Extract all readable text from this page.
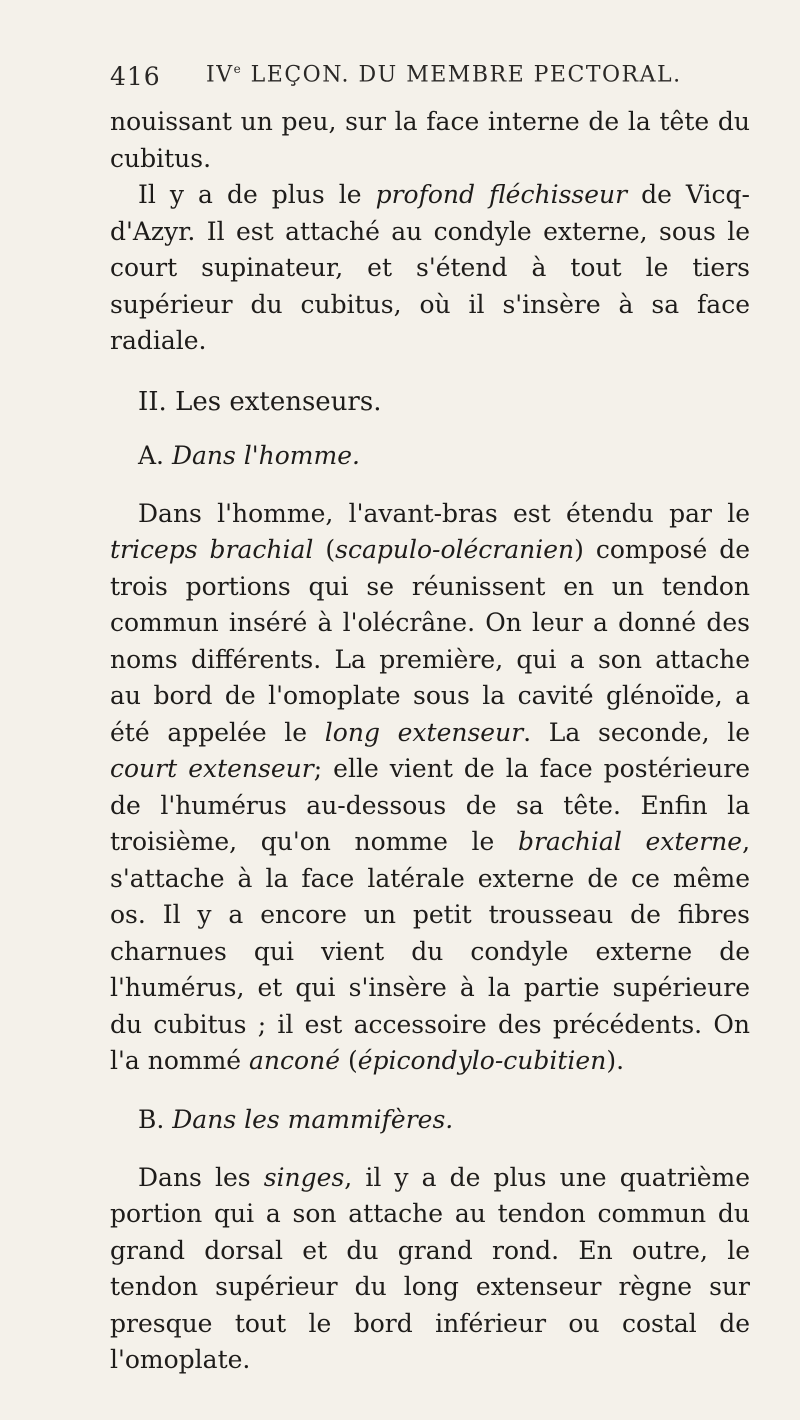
416 IVe LEÇON. DU MEMBRE PECTORAL.

nouissant un peu, sur la face interne de la tête du cubitus.

Il y a de plus le profond fléchisseur de Vicq-d'Azyr. Il est attaché au condyle externe, sous le court supinateur, et s'étend à tout le tiers supérieur du cubitus, où il s'insère à sa face radiale.

II. Les extenseurs.
A. Dans l'homme.

Dans l'homme, l'avant-bras est étendu par le triceps brachial (scapulo-olécranien) composé de trois portions qui se réunissent en un tendon commun inséré à l'olécrâne. On leur a donné des noms différents. La première, qui a son attache au bord de l'omoplate sous la cavité glénoïde, a été appelée le long extenseur. La seconde, le court extenseur; elle vient de la face postérieure de l'humérus au-dessous de sa tête. Enfin la troisième, qu'on nomme le brachial externe, s'attache à la face latérale externe de ce même os. Il y a encore un petit trousseau de fibres charnues qui vient du condyle externe de l'humérus, et qui s'insère à la partie supérieure du cubitus ; il est accessoire des précédents. On l'a nommé anconé (épicondylo-cubitien).

B. Dans les mammifères.

Dans les singes, il y a de plus une quatrième portion qui a son attache au tendon commun du grand dorsal et du grand rond. En outre, le tendon supérieur du long extenseur règne sur presque tout le bord inférieur ou costal de l'omoplate.
